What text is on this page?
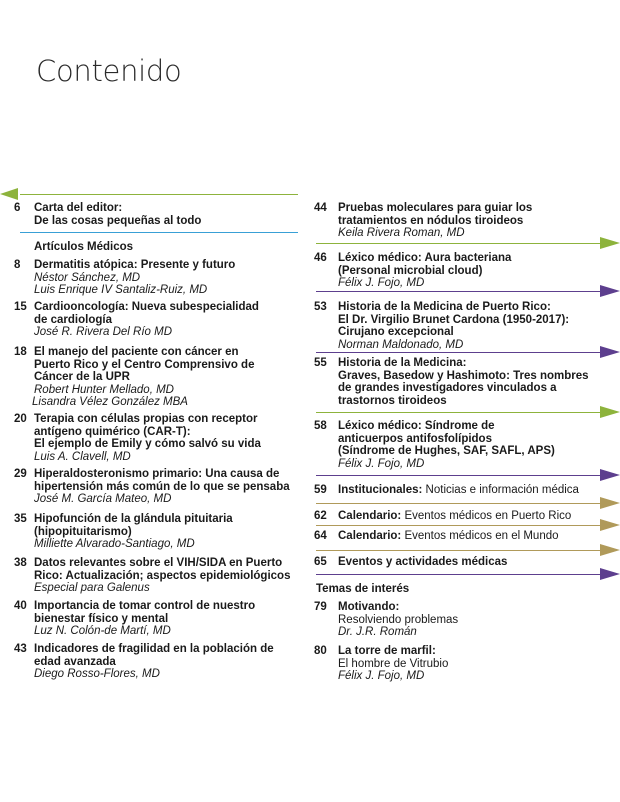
Contenido
6 Carta del editor:
De las cosas pequeñas al todo
Artículos Médicos
8 Dermatitis atópica: Presente y futuro
Néstor Sánchez, MD
Luis Enrique IV Santaliz-Ruiz, MD
15 Cardiooncología: Nueva subespecialidad
de cardiología
José R. Rivera Del Río MD
18 El manejo del paciente con cáncer en
Puerto Rico y el Centro Comprensivo de
Cáncer de la UPR
Robert Hunter Mellado, MD
Lisandra Vélez González MBA
20 Terapia con células propias con receptor
antígeno quimérico (CAR-T):
El ejemplo de Emily y cómo salvó su vida
Luis A. Clavell, MD
29 Hiperaldosteronismo primario: Una causa de
hipertensión más común de lo que se pensaba
José M. García Mateo, MD
35 Hipofunción de la glándula pituitaria
(hipopituitarismo)
Milliette Alvarado-Santiago, MD
38 Datos relevantes sobre el VIH/SIDA en Puerto
Rico: Actualización; aspectos epidemiológicos
Especial para Galenus
40 Importancia de tomar control de nuestro
bienestar físico y mental
Luz N. Colón-de Martí, MD
43 Indicadores de fragilidad en la población de
edad avanzada
Diego Rosso-Flores, MD
44 Pruebas moleculares para guiar los
tratamientos en nódulos tiroideos
Keila Rivera Roman, MD
46 Léxico médico: Aura bacteriana
(Personal microbial cloud)
Félix J. Fojo, MD
53 Historia de la Medicina de Puerto Rico:
El Dr. Virgilio Brunet Cardona (1950-2017):
Cirujano excepcional
Norman Maldonado, MD
55 Historia de la Medicina:
Graves, Basedow y Hashimoto: Tres nombres
de grandes investigadores vinculados a
trastornos tiroideos
58 Léxico médico: Síndrome de
anticuerpos antifosfolípidos
(Síndrome de Hughes, SAF, SAFL, APS)
Félix J. Fojo, MD
59 Institucionales: Noticias e información médica
62 Calendario: Eventos médicos en Puerto Rico
64 Calendario: Eventos médicos en el Mundo
65 Eventos y actividades médicas
Temas de interés
79 Motivando:
Resolviendo problemas
Dr. J.R. Román
80 La torre de marfil:
El hombre de Vitrubio
Félix J. Fojo, MD
